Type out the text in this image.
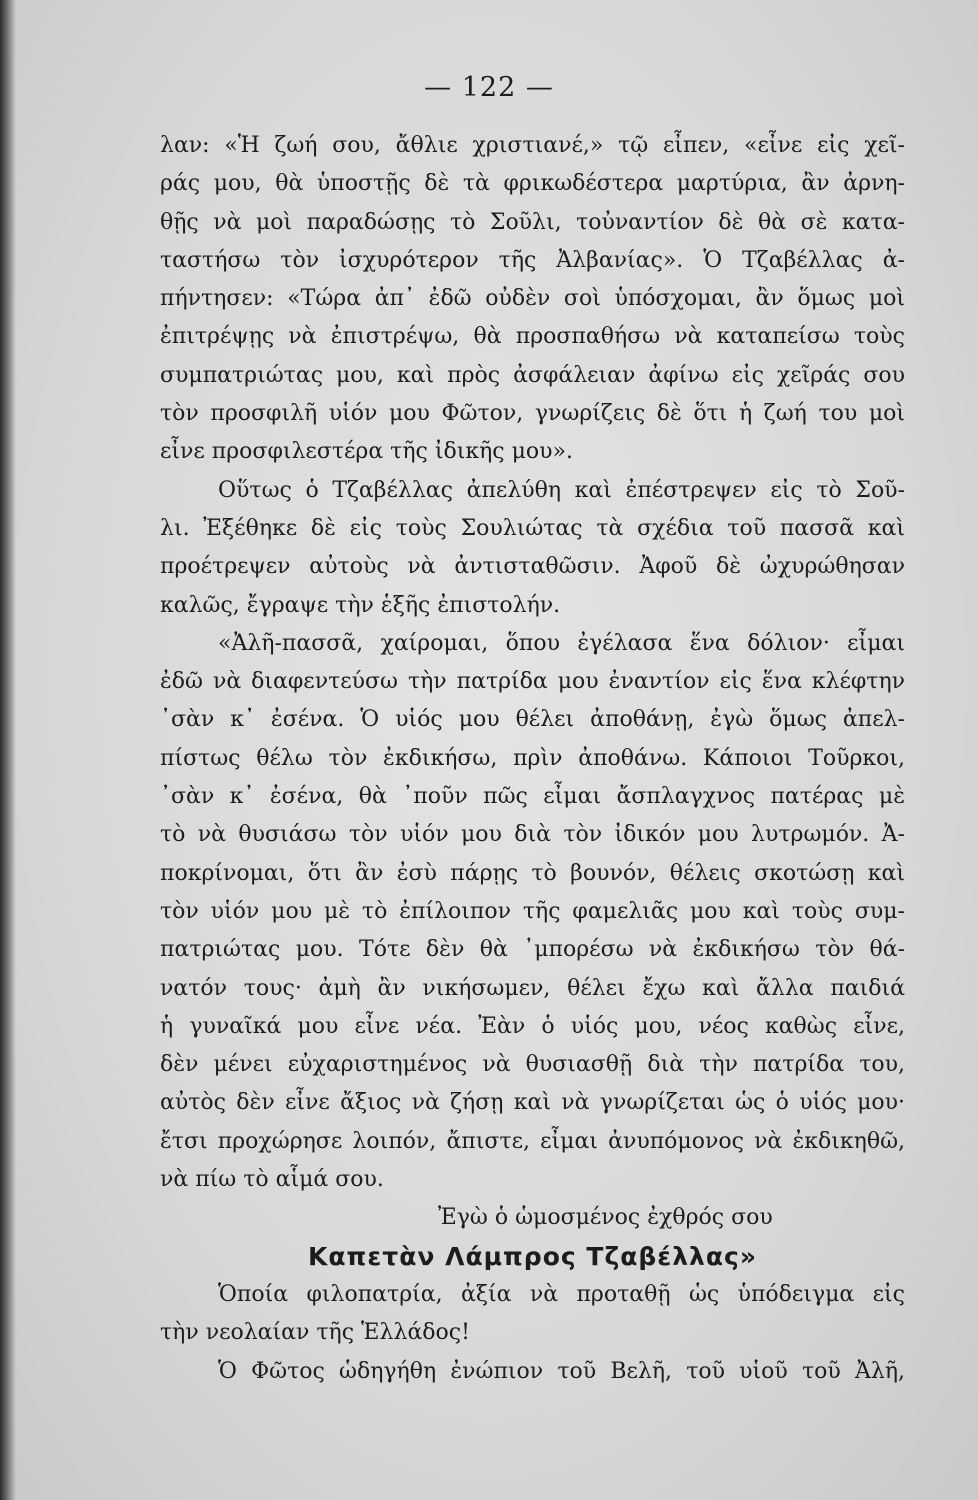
— 122 —
λαν: «Ἡ ζωή σου, ἄθλιε χριστιανέ,» τῷ εἶπεν, «εἶνε εἰς χεῖ-
ράς μου, θὰ ὑποστῇς δὲ τὰ φρικωδέστερα μαρτύρια, ἂν ἀρνη-
θῇς νὰ μοὶ παραδώσῃς τὸ Σοῦλι, τοὐναντίον δὲ θὰ σὲ κατα-
ταστήσω τὸν ἰσχυρότερον τῆς Ἀλβανίας». Ὁ Τζαβέλλας ἀ-
πήντησεν: «Τώρα ἀπ᾽ ἐδῶ οὐδὲν σοὶ ὑπόσχομαι, ἂν ὅμως μοὶ
ἐπιτρέψῃς νὰ ἐπιστρέψω, θὰ προσπαθήσω νὰ καταπείσω τοὺς
συμπατριώτας μου, καὶ πρὸς ἀσφάλειαν ἀφίνω εἰς χεῖράς σου
τὸν προσφιλῆ υἱόν μου Φῶτον, γνωρίζεις δὲ ὅτι ἡ ζωή του μοὶ
εἶνε προσφιλεστέρα τῆς ἰδικῆς μου».
Οὕτως ὁ Τζαβέλλας ἀπελύθη καὶ ἐπέστρεψεν εἰς τὸ Σοῦ-
λι. Ἐξέθηκε δὲ εἰς τοὺς Σουλιώτας τὰ σχέδια τοῦ πασσᾶ καὶ
προέτρεψεν αὐτοὺς νὰ ἀντισταθῶσιν. Ἀφοῦ δὲ ὠχυρώθησαν
καλῶς, ἔγραψε τὴν ἑξῆς ἐπιστολήν.
«Ἀλῆ-πασσᾶ, χαίρομαι, ὅπου ἐγέλασα ἕνα δόλιον· εἶμαι
ἐδῶ νὰ διαφεντεύσω τὴν πατρίδα μου ἐναντίον εἰς ἕνα κλέφτην
᾽σὰν κ᾽ ἐσένα. Ὁ υἱός μου θέλει ἀποθάνῃ, ἐγὼ ὅμως ἀπελ-
πίστως θέλω τὸν ἐκδικήσω, πρὶν ἀποθάνω. Κάποιοι Τοῦρκοι,
᾽σὰν κ᾽ ἐσένα, θὰ ᾽ποῦν πῶς εἶμαι ἄσπλαγχνος πατέρας μὲ
τὸ νὰ θυσιάσω τὸν υἱόν μου διὰ τὸν ἰδικόν μου λυτρωμόν. Ἀ-
ποκρίνομαι, ὅτι ἂν ἐσὺ πάρῃς τὸ βουνόν, θέλεις σκοτώσῃ καὶ
τὸν υἱόν μου μὲ τὸ ἐπίλοιπον τῆς φαμελιᾶς μου καὶ τοὺς συμ-
πατριώτας μου. Τότε δὲν θὰ ᾽μπορέσω νὰ ἐκδικήσω τὸν θά-
νατόν τους· ἀμὴ ἂν νικήσωμεν, θέλει ἔχω καὶ ἄλλα παιδιά
ἡ γυναῖκά μου εἶνε νέα. Ἐὰν ὁ υἱός μου, νέος καθὼς εἶνε,
δὲν μένει εὐχαριστημένος νὰ θυσιασθῇ διὰ τὴν πατρίδα του,
αὐτὸς δὲν εἶνε ἄξιος νὰ ζήσῃ καὶ νὰ γνωρίζεται ὡς ὁ υἱός μου·
ἔτσι προχώρησε λοιπόν, ἄπιστε, εἶμαι ἀνυπόμονος νὰ ἐκδικηθῶ,
νὰ πίω τὸ αἷμά σου.
Ἐγὼ ὁ ὡμοσμένος ἐχθρός σου
Καπετὰν Λάμπρος Τζαβέλλας»
Ὁποία φιλοπατρία, ἀξία νὰ προταθῇ ὡς ὑπόδειγμα εἰς
τὴν νεολαίαν τῆς Ἑλλάδος!
Ὁ Φῶτος ὡδηγήθη ἐνώπιον τοῦ Βελῆ, τοῦ υἱοῦ τοῦ Ἀλῆ,
